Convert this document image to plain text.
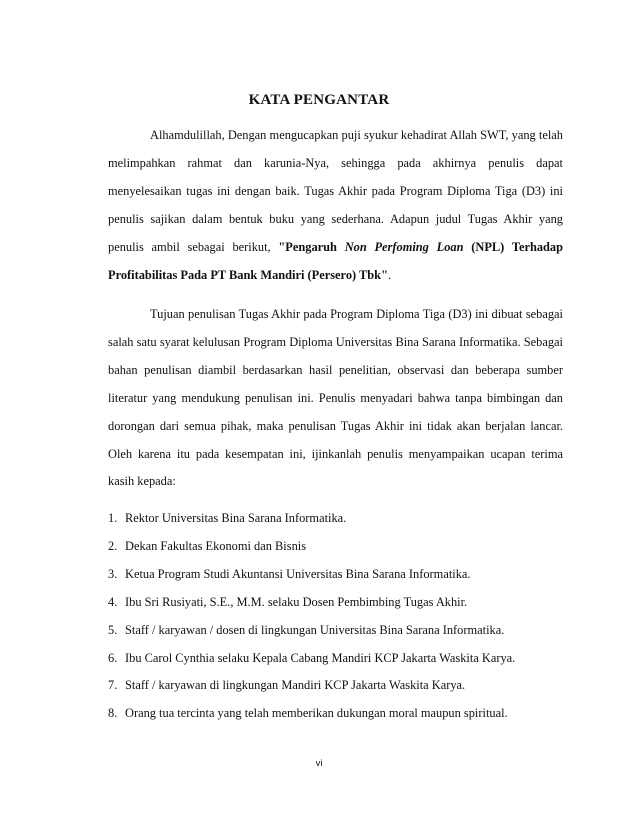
KATA PENGANTAR

Alhamdulillah, Dengan mengucapkan puji syukur kehadirat Allah SWT, yang telah melimpahkan rahmat dan karunia-Nya, sehingga pada akhirnya penulis dapat menyelesaikan tugas ini dengan baik. Tugas Akhir pada Program Diploma Tiga (D3) ini penulis sajikan dalam bentuk buku yang sederhana. Adapun judul Tugas Akhir yang penulis ambil sebagai berikut, "Pengaruh Non Perfoming Loan (NPL) Terhadap Profitabilitas Pada PT Bank Mandiri (Persero) Tbk".

Tujuan penulisan Tugas Akhir pada Program Diploma Tiga (D3) ini dibuat sebagai salah satu syarat kelulusan Program Diploma Universitas Bina Sarana Informatika. Sebagai bahan penulisan diambil berdasarkan hasil penelitian, observasi dan beberapa sumber literatur yang mendukung penulisan ini. Penulis menyadari bahwa tanpa bimbingan dan dorongan dari semua pihak, maka penulisan Tugas Akhir ini tidak akan berjalan lancar. Oleh karena itu pada kesempatan ini, ijinkanlah penulis menyampaikan ucapan terima kasih kepada:

1. Rektor Universitas Bina Sarana Informatika.
2. Dekan Fakultas Ekonomi dan Bisnis
3. Ketua Program Studi Akuntansi Universitas Bina Sarana Informatika.
4. Ibu Sri Rusiyati, S.E., M.M. selaku Dosen Pembimbing Tugas Akhir.
5. Staff / karyawan / dosen di lingkungan Universitas Bina Sarana Informatika.
6. Ibu Carol Cynthia selaku Kepala Cabang Mandiri KCP Jakarta Waskita Karya.
7. Staff / karyawan di lingkungan Mandiri KCP Jakarta Waskita Karya.
8. Orang tua tercinta yang telah memberikan dukungan moral maupun spiritual.
vi
